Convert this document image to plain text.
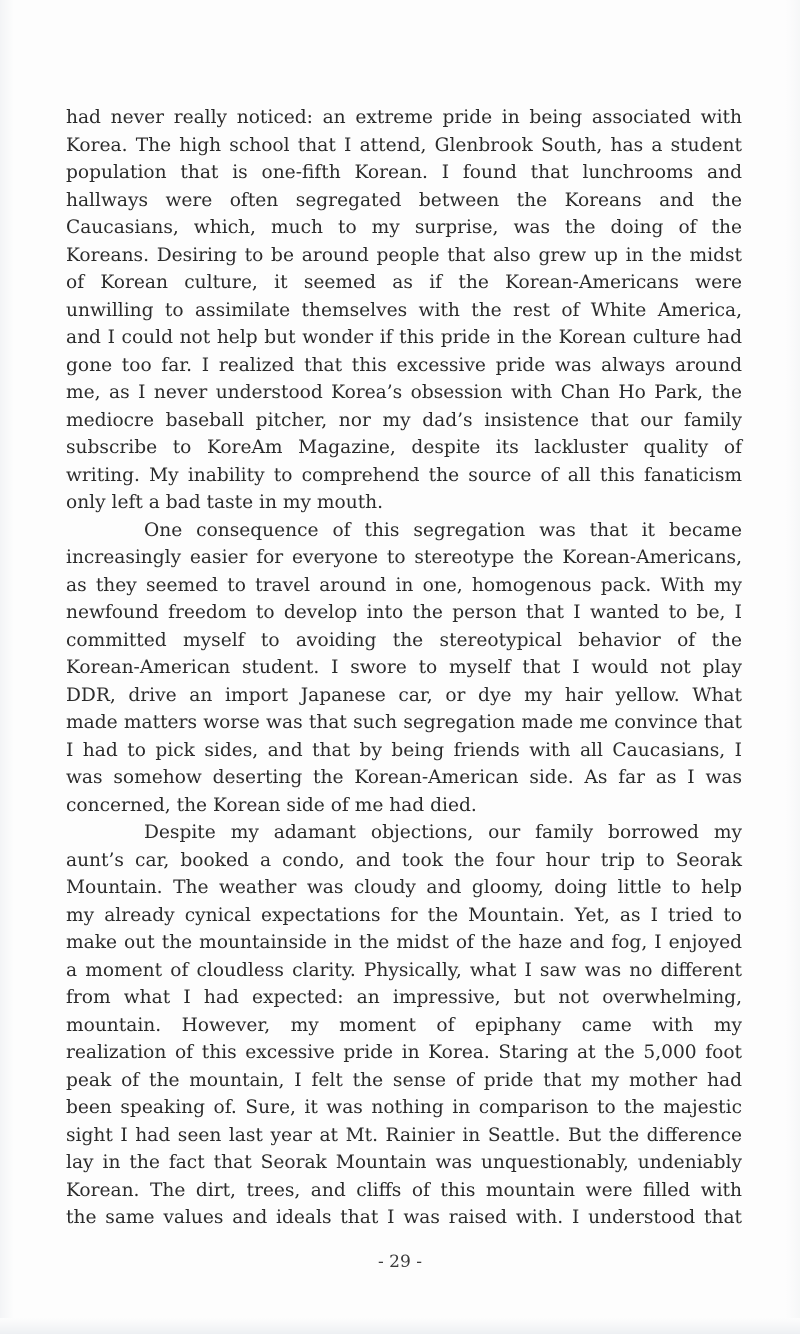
had never really noticed: an extreme pride in being associated with
Korea. The high school that I attend, Glenbrook South, has a student
population that is one-fifth Korean. I found that lunchrooms and
hallways were often segregated between the Koreans and the
Caucasians, which, much to my surprise, was the doing of the
Koreans. Desiring to be around people that also grew up in the midst
of Korean culture, it seemed as if the Korean-Americans were
unwilling to assimilate themselves with the rest of White America,
and I could not help but wonder if this pride in the Korean culture had
gone too far. I realized that this excessive pride was always around
me, as I never understood Korea’s obsession with Chan Ho Park, the
mediocre baseball pitcher, nor my dad’s insistence that our family
subscribe to KoreAm Magazine, despite its lackluster quality of
writing. My inability to comprehend the source of all this fanaticism
only left a bad taste in my mouth.
One consequence of this segregation was that it became
increasingly easier for everyone to stereotype the Korean-Americans,
as they seemed to travel around in one, homogenous pack. With my
newfound freedom to develop into the person that I wanted to be, I
committed myself to avoiding the stereotypical behavior of the
Korean-American student. I swore to myself that I would not play
DDR, drive an import Japanese car, or dye my hair yellow. What
made matters worse was that such segregation made me convince that
I had to pick sides, and that by being friends with all Caucasians, I
was somehow deserting the Korean-American side. As far as I was
concerned, the Korean side of me had died.
Despite my adamant objections, our family borrowed my
aunt’s car, booked a condo, and took the four hour trip to Seorak
Mountain. The weather was cloudy and gloomy, doing little to help
my already cynical expectations for the Mountain. Yet, as I tried to
make out the mountainside in the midst of the haze and fog, I enjoyed
a moment of cloudless clarity. Physically, what I saw was no different
from what I had expected: an impressive, but not overwhelming,
mountain. However, my moment of epiphany came with my
realization of this excessive pride in Korea. Staring at the 5,000 foot
peak of the mountain, I felt the sense of pride that my mother had
been speaking of. Sure, it was nothing in comparison to the majestic
sight I had seen last year at Mt. Rainier in Seattle. But the difference
lay in the fact that Seorak Mountain was unquestionably, undeniably
Korean. The dirt, trees, and cliffs of this mountain were filled with
the same values and ideals that I was raised with. I understood that
- 29 -
